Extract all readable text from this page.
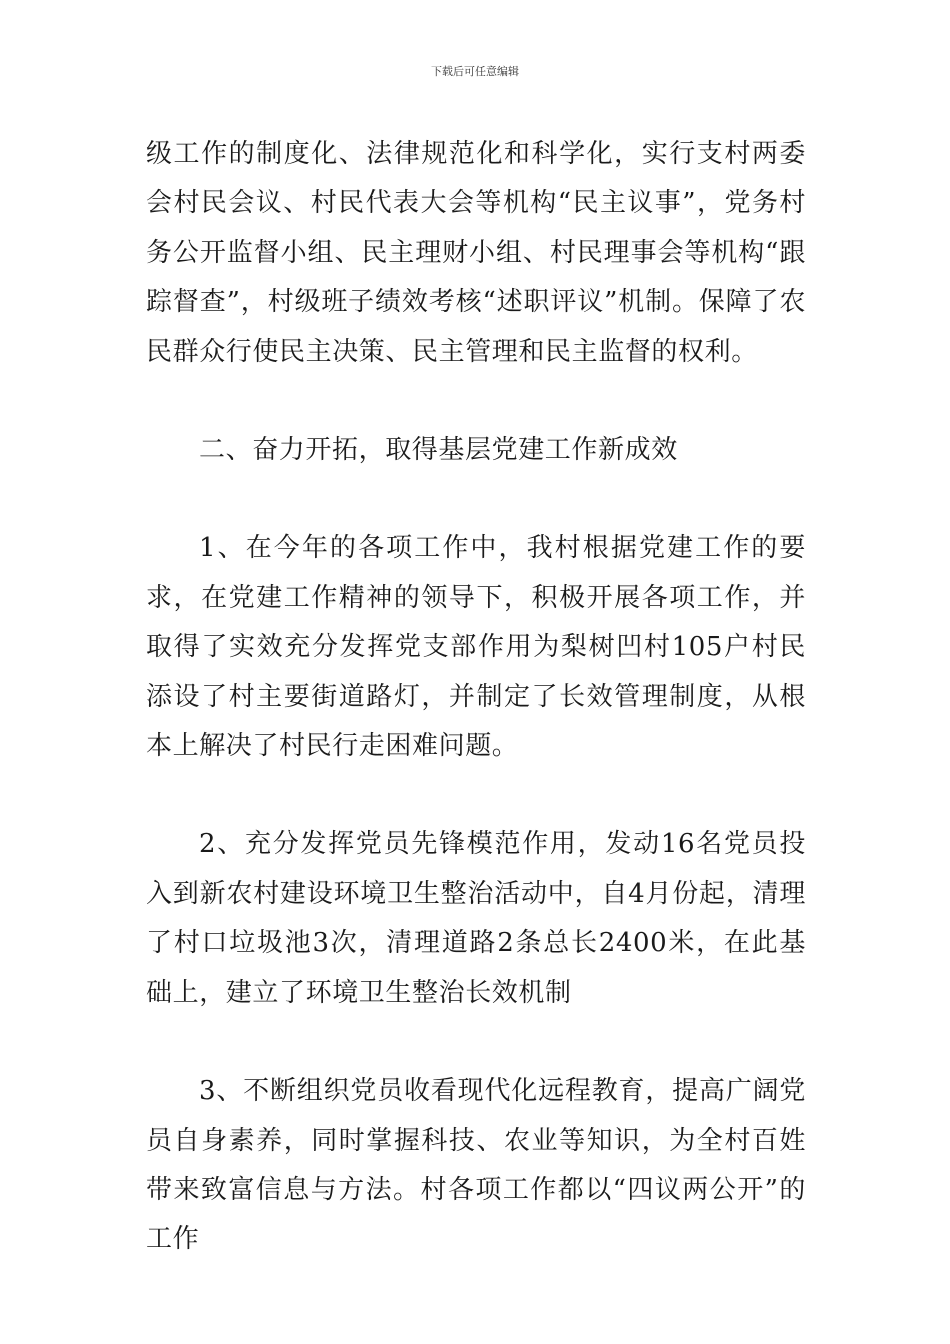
下载后可任意编辑

级工作的制度化、法律规范化和科学化，实行支村两委会村民会议、村民代表大会等机构“民主议事”，党务村务公开监督小组、民主理财小组、村民理事会等机构“跟踪督查”，村级班子绩效考核“述职评议”机制。保障了农民群众行使民主决策、民主管理和民主监督的权利。

二、奋力开拓，取得基层党建工作新成效

1、在今年的各项工作中，我村根据党建工作的要求，在党建工作精神的领导下，积极开展各项工作，并取得了实效充分发挥党支部作用为梨树凹村105户村民添设了村主要街道路灯，并制定了长效管理制度，从根本上解决了村民行走困难问题。

2、充分发挥党员先锋模范作用，发动16名党员投入到新农村建设环境卫生整治活动中，自4月份起，清理了村口垃圾池3次，清理道路2条总长2400米，在此基础上，建立了环境卫生整治长效机制

3、不断组织党员收看现代化远程教育，提高广阔党员自身素养，同时掌握科技、农业等知识，为全村百姓带来致富信息与方法。村各项工作都以“四议两公开”的工作
